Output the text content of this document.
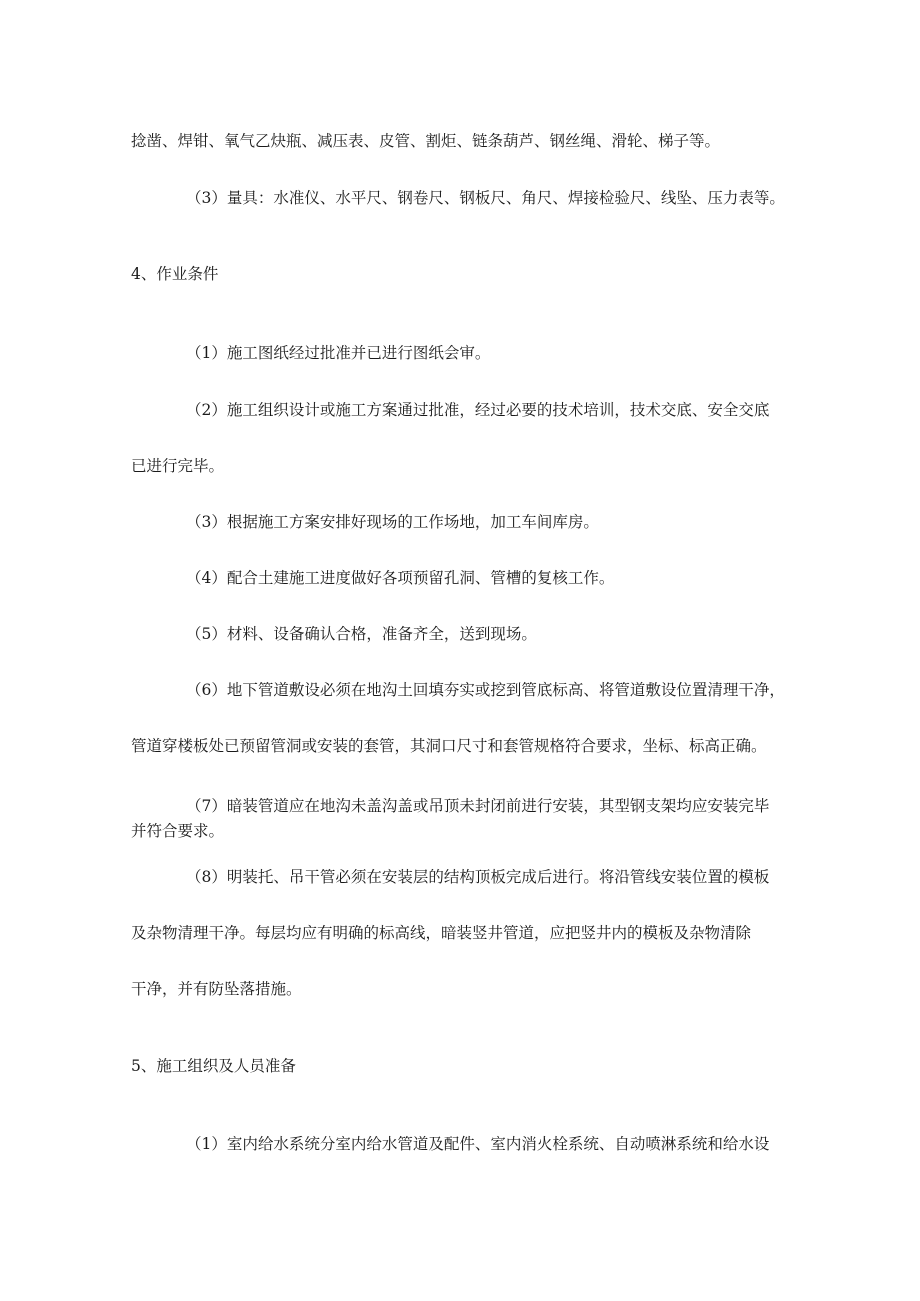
捻凿、焊钳、氧气乙炔瓶、减压表、皮管、割炬、链条葫芦、钢丝绳、滑轮、梯子等。

（3）量具：水准仪、水平尺、钢卷尺、钢板尺、角尺、焊接检验尺、线坠、压力表等。

4、作业条件

（1）施工图纸经过批准并已进行图纸会审。

（2）施工组织设计或施工方案通过批准，经过必要的技术培训，技术交底、安全交底

已进行完毕。

（3）根据施工方案安排好现场的工作场地，加工车间库房。

（4）配合土建施工进度做好各项预留孔洞、管槽的复核工作。

（5）材料、设备确认合格，准备齐全，送到现场。

（6）地下管道敷设必须在地沟土回填夯实或挖到管底标高、将管道敷设位置清理干净，

管道穿楼板处已预留管洞或安装的套管，其洞口尺寸和套管规格符合要求，坐标、标高正确。

（7）暗装管道应在地沟未盖沟盖或吊顶未封闭前进行安装，其型钢支架均应安装完毕

并符合要求。

（8）明装托、吊干管必须在安装层的结构顶板完成后进行。将沿管线安装位置的模板

及杂物清理干净。每层均应有明确的标高线，暗装竖井管道，应把竖井内的模板及杂物清除

干净，并有防坠落措施。

5、施工组织及人员准备

（1）室内给水系统分室内给水管道及配件、室内消火栓系统、自动喷淋系统和给水设
